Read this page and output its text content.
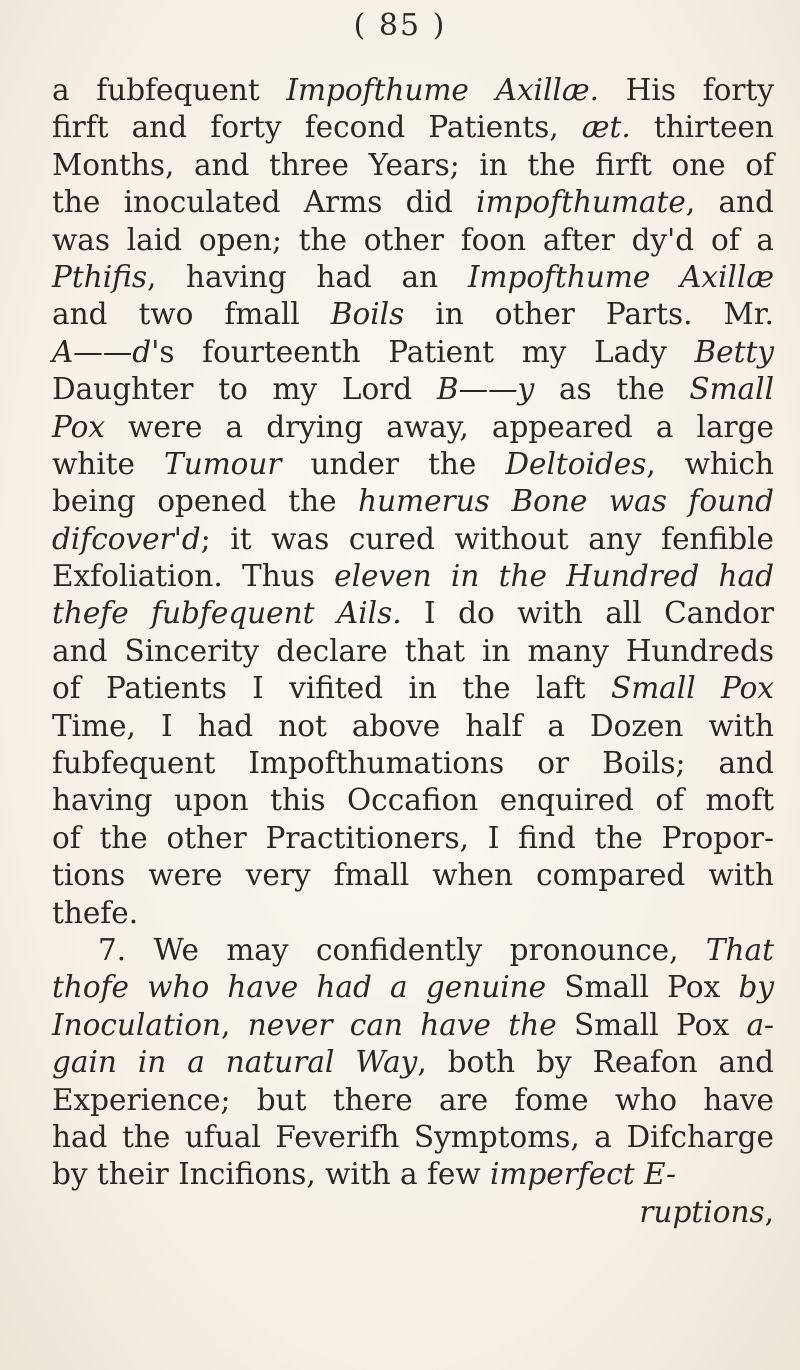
( 85 )
a fubfequent Impofthume Axillæ. His forty
firft and forty fecond Patients, æt. thirteen
Months, and three Years; in the firft one of
the inoculated Arms did impofthumate, and
was laid open; the other foon after dy'd of a
Pthifis, having had an Impofthume Axillæ
and two fmall Boils in other Parts. Mr.
A——d's fourteenth Patient my Lady Betty
Daughter to my Lord B——y as the Small
Pox were a drying away, appeared a large
white Tumour under the Deltoides, which
being opened the humerus Bone was found
difcover'd; it was cured without any fenfible
Exfoliation. Thus eleven in the Hundred had
thefe fubfequent Ails. I do with all Candor
and Sincerity declare that in many Hundreds
of Patients I vifited in the laft Small Pox
Time, I had not above half a Dozen with
fubfequent Impofthumations or Boils; and
having upon this Occafion enquired of moft
of the other Practitioners, I find the Propor-
tions were very fmall when compared with
thefe.
7. We may confidently pronounce, That
thofe who have had a genuine Small Pox by
Inoculation, never can have the Small Pox a-
gain in a natural Way, both by Reafon and
Experience; but there are fome who have
had the ufual Feverifh Symptoms, a Difcharge
by their Incifions, with a few imperfect E-
ruptions,
